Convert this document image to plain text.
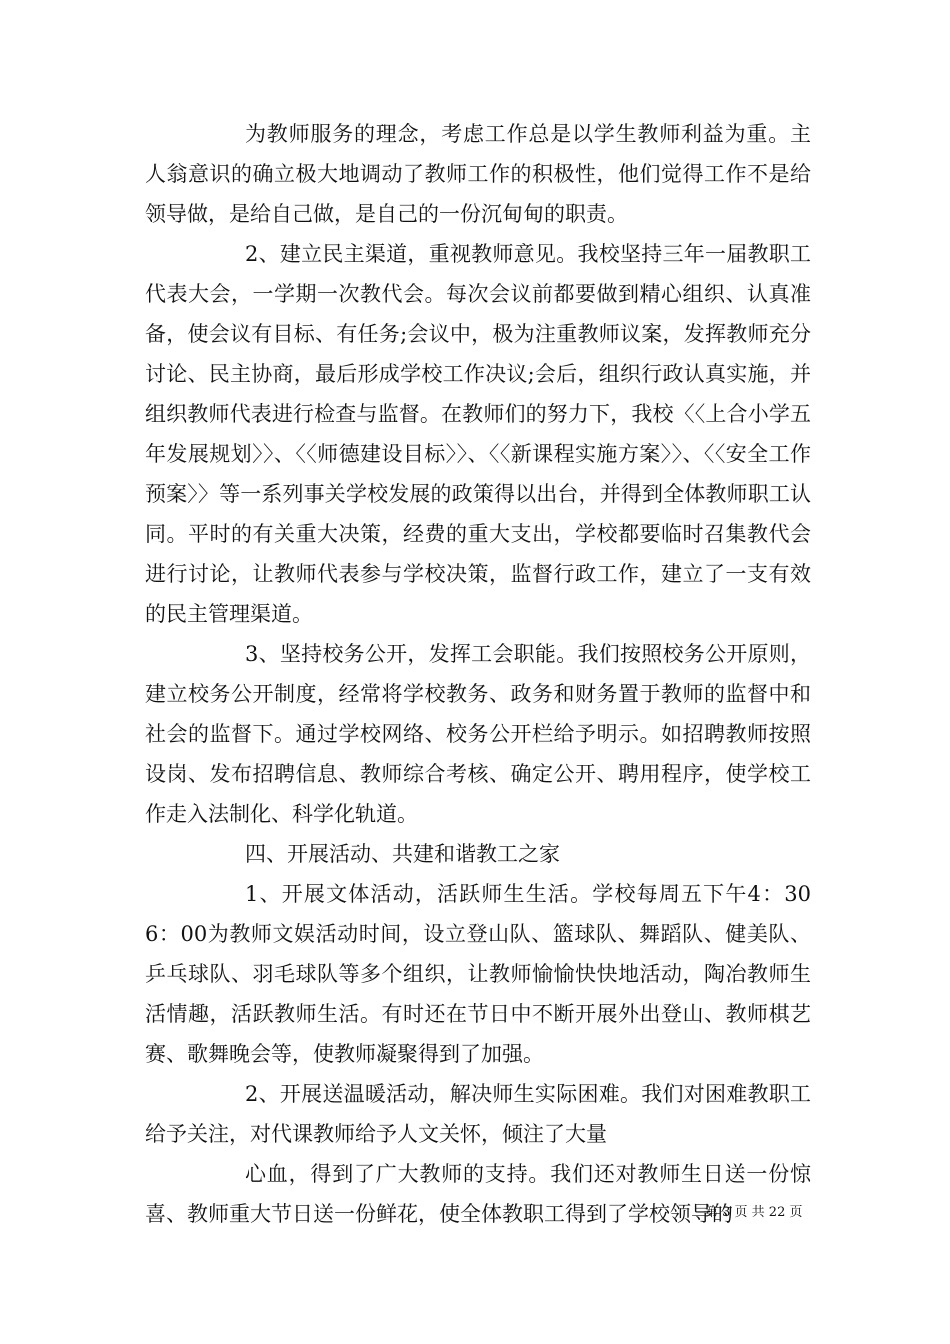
为教师服务的理念，考虑工作总是以学生教师利益为重。主人翁意识的确立极大地调动了教师工作的积极性，他们觉得工作不是给领导做，是给自己做，是自己的一份沉甸甸的职责。

2、建立民主渠道，重视教师意见。我校坚持三年一届教职工代表大会，一学期一次教代会。每次会议前都要做到精心组织、认真准备，使会议有目标、有任务;会议中，极为注重教师议案，发挥教师充分讨论、民主协商，最后形成学校工作决议;会后，组织行政认真实施，并组织教师代表进行检查与监督。在教师们的努力下，我校〈〈上合小学五年发展规划〉〉、〈〈师德建设目标〉〉、〈〈新课程实施方案〉〉、〈〈安全工作预案〉〉等一系列事关学校发展的政策得以出台，并得到全体教师职工认同。平时的有关重大决策，经费的重大支出，学校都要临时召集教代会进行讨论，让教师代表参与学校决策，监督行政工作，建立了一支有效的民主管理渠道。

3、坚持校务公开，发挥工会职能。我们按照校务公开原则，建立校务公开制度，经常将学校教务、政务和财务置于教师的监督中和社会的监督下。通过学校网络、校务公开栏给予明示。如招聘教师按照设岗、发布招聘信息、教师综合考核、确定公开、聘用程序，使学校工作走入法制化、科学化轨道。

四、开展活动、共建和谐教工之家

1、开展文体活动，活跃师生生活。学校每周五下午4：306：00为教师文娱活动时间，设立登山队、篮球队、舞蹈队、健美队、乒乓球队、羽毛球队等多个组织，让教师愉愉快快地活动，陶冶教师生活情趣，活跃教师生活。有时还在节日中不断开展外出登山、教师棋艺赛、歌舞晚会等，使教师凝聚得到了加强。

2、开展送温暖活动，解决师生实际困难。我们对困难教职工给予关注，对代课教师给予人文关怀，倾注了大量

心血，得到了广大教师的支持。我们还对教师生日送一份惊喜、教师重大节日送一份鲜花，使全体教职工得到了学校领导的

第 3 页 共 22 页
